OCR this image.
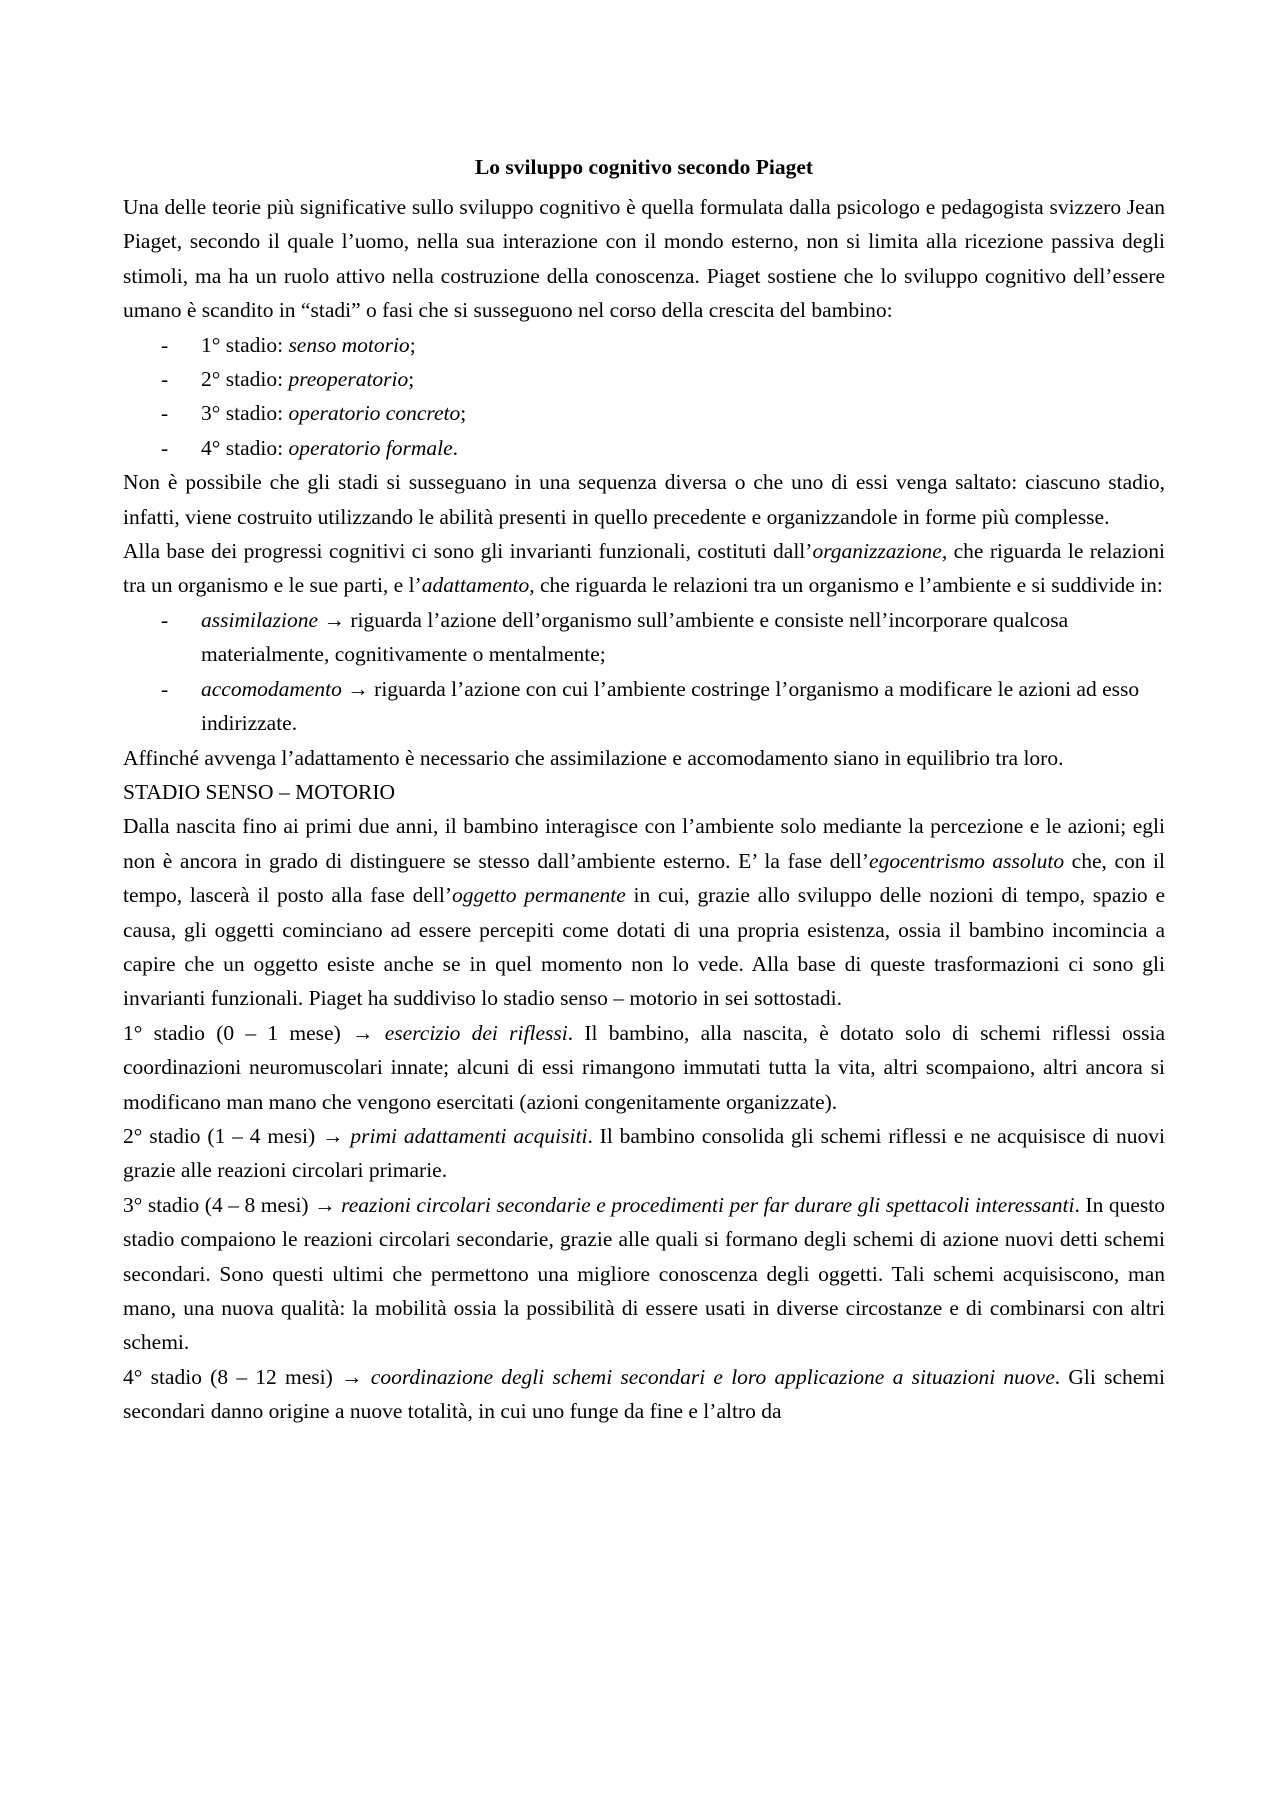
Lo sviluppo cognitivo secondo Piaget

Una delle teorie più significative sullo sviluppo cognitivo è quella formulata dalla psicologo e pedagogista svizzero Jean Piaget, secondo il quale l’uomo, nella sua interazione con il mondo esterno, non si limita alla ricezione passiva degli stimoli, ma ha un ruolo attivo nella costruzione della conoscenza. Piaget sostiene che lo sviluppo cognitivo dell’essere umano è scandito in “stadi” o fasi che si susseguono nel corso della crescita del bambino:

- 1° stadio: senso motorio;

- 2° stadio: preoperatorio;

- 3° stadio: operatorio concreto;

- 4° stadio: operatorio formale.

Non è possibile che gli stadi si susseguano in una sequenza diversa o che uno di essi venga saltato: ciascuno stadio, infatti, viene costruito utilizzando le abilità presenti in quello precedente e organizzandole in forme più complesse.

Alla base dei progressi cognitivi ci sono gli invarianti funzionali, costituti dall’organizzazione, che riguarda le relazioni tra un organismo e le sue parti, e l’adattamento, che riguarda le relazioni tra un organismo e l’ambiente e si suddivide in:

- assimilazione → riguarda l’azione dell’organismo sull’ambiente e consiste nell’incorporare qualcosa materialmente, cognitivamente o mentalmente;

- accomodamento → riguarda l’azione con cui l’ambiente costringe l’organismo a modificare le azioni ad esso indirizzate.

Affinché avvenga l’adattamento è necessario che assimilazione e accomodamento siano in equilibrio tra loro.

STADIO SENSO – MOTORIO

Dalla nascita fino ai primi due anni, il bambino interagisce con l’ambiente solo mediante la percezione e le azioni; egli non è ancora in grado di distinguere se stesso dall’ambiente esterno. E’ la fase dell’egocentrismo assoluto che, con il tempo, lascerà il posto alla fase dell’oggetto permanente in cui, grazie allo sviluppo delle nozioni di tempo, spazio e causa, gli oggetti cominciano ad essere percepiti come dotati di una propria esistenza, ossia il bambino incomincia a capire che un oggetto esiste anche se in quel momento non lo vede. Alla base di queste trasformazioni ci sono gli invarianti funzionali. Piaget ha suddiviso lo stadio senso – motorio in sei sottostadi.

1° stadio (0 – 1 mese) → esercizio dei riflessi. Il bambino, alla nascita, è dotato solo di schemi riflessi ossia coordinazioni neuromuscolari innate; alcuni di essi rimangono immutati tutta la vita, altri scompaiono, altri ancora si modificano man mano che vengono esercitati (azioni congenitamente organizzate).

2° stadio (1 – 4 mesi) → primi adattamenti acquisiti. Il bambino consolida gli schemi riflessi e ne acquisisce di nuovi grazie alle reazioni circolari primarie.

3° stadio (4 – 8 mesi) → reazioni circolari secondarie e procedimenti per far durare gli spettacoli interessanti. In questo stadio compaiono le reazioni circolari secondarie, grazie alle quali si formano degli schemi di azione nuovi detti schemi secondari. Sono questi ultimi che permettono una migliore conoscenza degli oggetti. Tali schemi acquisiscono, man mano, una nuova qualità: la mobilità ossia la possibilità di essere usati in diverse circostanze e di combinarsi con altri schemi.

4° stadio (8 – 12 mesi) → coordinazione degli schemi secondari e loro applicazione a situazioni nuove. Gli schemi secondari danno origine a nuove totalità, in cui uno funge da fine e l’altro da
